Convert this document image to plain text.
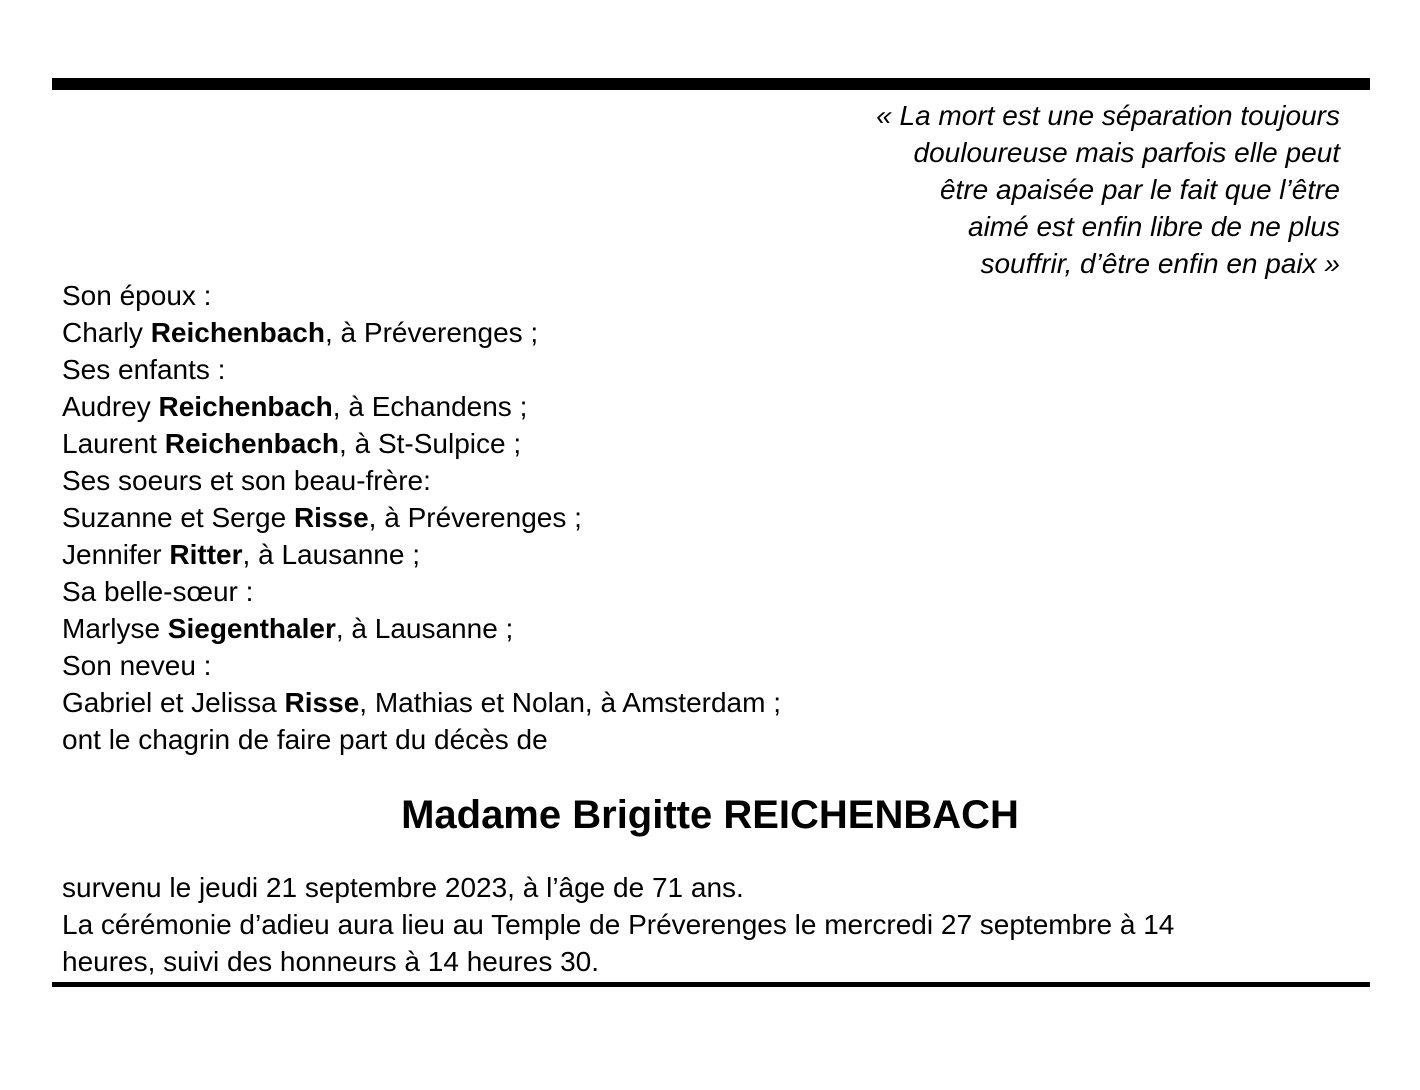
« La mort est une séparation toujours
douloureuse mais parfois elle peut
être apaisée par le fait que l’être
aimé est enfin libre de ne plus
souffrir, d’être enfin en paix »
Son époux :
Charly Reichenbach, à Préverenges ;
Ses enfants :
Audrey Reichenbach, à Echandens ;
Laurent Reichenbach, à St-Sulpice ;
Ses soeurs et son beau-frère:
Suzanne et Serge Risse, à Préverenges ;
Jennifer Ritter, à Lausanne ;
Sa belle-sœur :
Marlyse Siegenthaler, à Lausanne ;
Son neveu :
Gabriel et Jelissa Risse, Mathias et Nolan, à Amsterdam ;
ont le chagrin de faire part du décès de
Madame Brigitte REICHENBACH
survenu le jeudi 21 septembre 2023, à l’âge de 71 ans.
La cérémonie d’adieu aura lieu au Temple de Préverenges le mercredi 27 septembre à 14
heures, suivi des honneurs à 14 heures 30.
